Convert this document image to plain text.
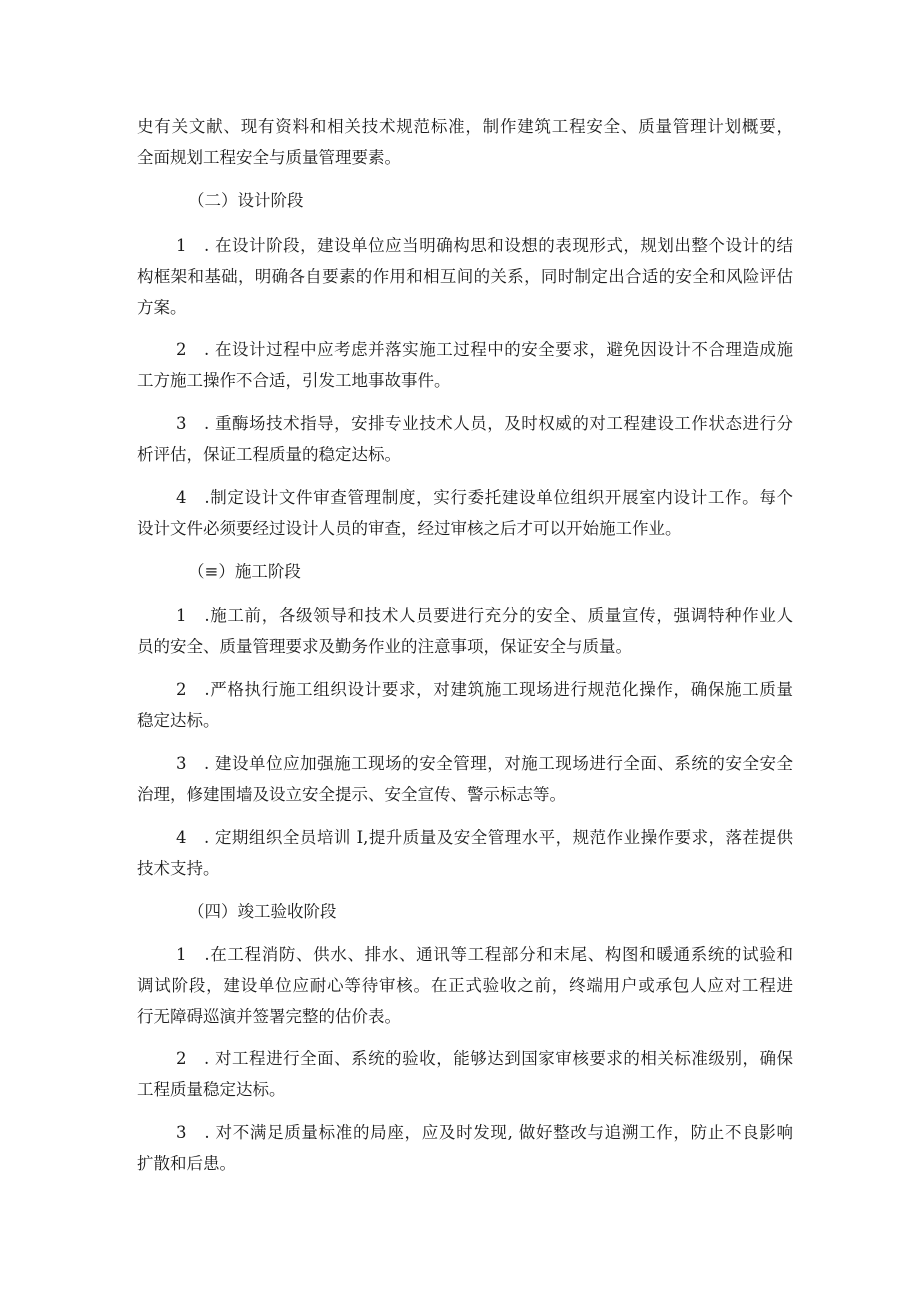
史有关文献、现有资料和相关技术规范标准，制作建筑工程安全、质量管理计划概要，
全面规划工程安全与质量管理要素。
（二）设计阶段
1　. 在设计阶段，建设单位应当明确构思和设想的表现形式，规划出整个设计的结
构框架和基础，明确各自要素的作用和相互间的关系，同时制定出合适的安全和风险评估
方案。
2　. 在设计过程中应考虑并落实施工过程中的安全要求，避免因设计不合理造成施
工方施工操作不合适，引发工地事故事件。
3　. 重酶场技术指导，安排专业技术人员，及时权威的对工程建设工作状态进行分
析评估，保证工程质量的稳定达标。
4　.制定设计文件审查管理制度，实行委托建设单位组织开展室内设计工作。每个
设计文件必须要经过设计人员的审查，经过审核之后才可以开始施工作业。
（≡）施工阶段
1　.施工前，各级领导和技术人员要进行充分的安全、质量宣传，强调特种作业人
员的安全、质量管理要求及勤务作业的注意事项，保证安全与质量。
2　.严格执行施工组织设计要求，对建筑施工现场进行规范化操作，确保施工质量
稳定达标。
3　. 建设单位应加强施工现场的安全管理，对施工现场进行全面、系统的安全安全
治理，修建围墙及设立安全提示、安全宣传、警示标志等。
4　. 定期组织全员培训 I,提升质量及安全管理水平，规范作业操作要求，落茬提供
技术支持。
（四）竣工验收阶段
1　.在工程消防、供水、排水、通讯等工程部分和末尾、构图和暖通系统的试验和
调试阶段，建设单位应耐心等待审核。在正式验收之前，终端用户或承包人应对工程进
行无障碍巡演并签署完整的估价表。
2　. 对工程进行全面、系统的验收，能够达到国家审核要求的相关标准级别，确保
工程质量稳定达标。
3　. 对不满足质量标准的局座，应及时发现, 做好整改与追溯工作，防止不良影响
扩散和后患。
